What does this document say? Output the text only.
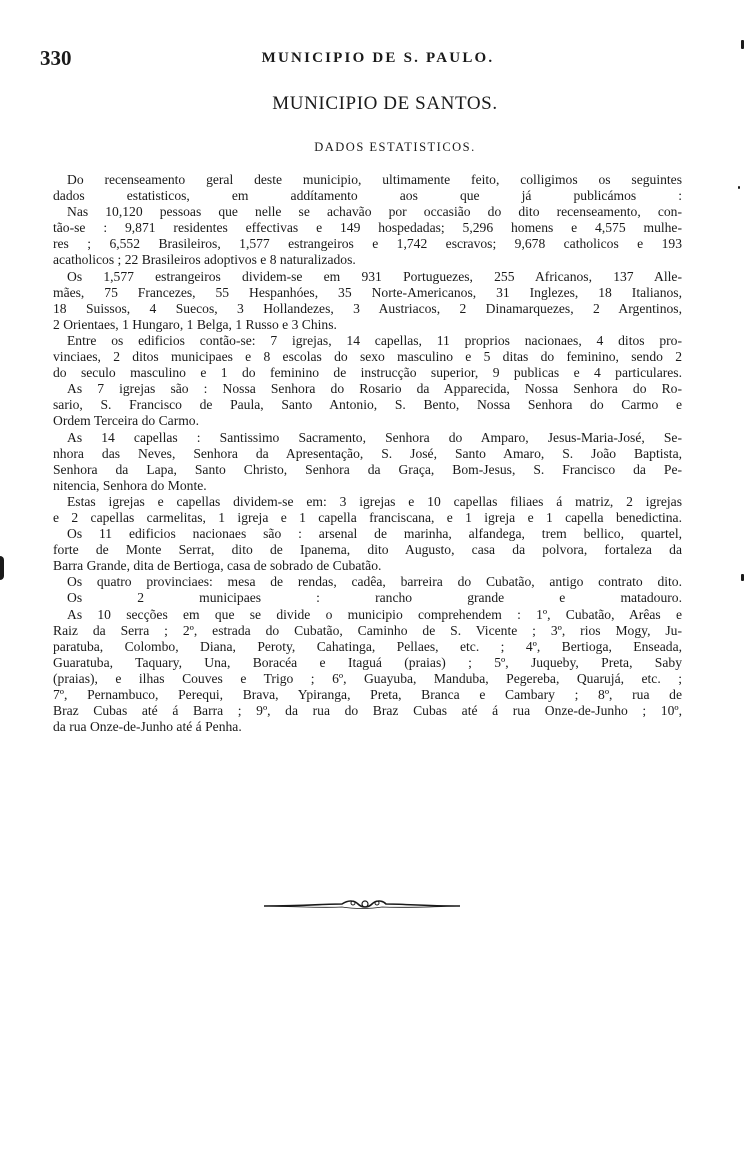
330	MUNICIPIO DE S. PAULO.
MUNICIPIO DE SANTOS.
DADOS ESTATISTICOS.
Do recenseamento geral deste municipio, ultimamente feito, colligimos os seguintes
dados estatisticos, em addítamento aos que já publicámos :
Nas 10,120 pessoas que nelle se achavão por occasião do dito recenseamento, con-
tão-se : 9,871 residentes effectivas e 149 hospedadas; 5,296 homens e 4,575 mulhe-
res ; 6,552 Brasileiros, 1,577 estrangeiros e 1,742 escravos; 9,678 catholicos e 193
acatholicos ; 22 Brasileiros adoptivos e 8 naturalizados.
Os 1,577 estrangeiros dividem-se em 931 Portuguezes, 255 Africanos, 137 Alle-
mães, 75 Francezes, 55 Hespanhóes, 35 Norte-Americanos, 31 Inglezes, 18 Italianos,
18 Suissos, 4 Suecos, 3 Hollandezes, 3 Austriacos, 2 Dinamarquezes, 2 Argentinos,
2 Orientaes, 1 Hungaro, 1 Belga, 1 Russo e 3 Chins.
Entre os edificios contão-se: 7 igrejas, 14 capellas, 11 proprios nacionaes, 4 ditos pro-
vinciaes, 2 ditos municipaes e 8 escolas do sexo masculino e 5 ditas do feminino, sendo 2
do seculo masculino e 1 do feminino de instrucção superior, 9 publicas e 4 particulares.
As 7 igrejas são : Nossa Senhora do Rosario da Apparecida, Nossa Senhora do Ro-
sario, S. Francisco de Paula, Santo Antonio, S. Bento, Nossa Senhora do Carmo e
Ordem Terceira do Carmo.
As 14 capellas : Santissimo Sacramento, Senhora do Amparo, Jesus-Maria-José, Se-
nhora das Neves, Senhora da Apresentação, S. José, Santo Amaro, S. João Baptista,
Senhora da Lapa, Santo Christo, Senhora da Graça, Bom-Jesus, S. Francisco da Pe-
nitencia, Senhora do Monte.
Estas igrejas e capellas dividem-se em: 3 igrejas e 10 capellas filiaes á matriz, 2 igrejas
e 2 capellas carmelitas, 1 igreja e 1 capella franciscana, e 1 igreja e 1 capella benedictina.
Os 11 edificios nacionaes são : arsenal de marinha, alfandega, trem bellico, quartel,
forte de Monte Serrat, dito de Ipanema, dito Augusto, casa da polvora, fortaleza da
Barra Grande, dita de Bertioga, casa de sobrado de Cubatão.
Os quatro provinciaes: mesa de rendas, cadêa, barreira do Cubatão, antigo contrato dito.
Os 2 municipaes : rancho grande e matadouro.
As 10 secções em que se divide o municipio comprehendem : 1º, Cubatão, Arêas e
Raiz da Serra ; 2º, estrada do Cubatão, Caminho de S. Vicente ; 3º, rios Mogy, Ju-
paratuba, Colombo, Diana, Peroty, Cahatinga, Pellaes, etc. ; 4º, Bertioga, Enseada,
Guaratuba, Taquary, Una, Boracéa e Itaguá (praias) ; 5º, Juqueby, Preta, Saby
(praias), e ilhas Couves e Trigo ; 6º, Guayuba, Manduba, Pegereba, Quarujá, etc. ;
7º, Pernambuco, Perequi, Brava, Ypiranga, Preta, Branca e Cambary ; 8º, rua de
Braz Cubas até á Barra ; 9º, da rua do Braz Cubas até á rua Onze-de-Junho ; 10º,
da rua Onze-de-Junho até á Penha.
